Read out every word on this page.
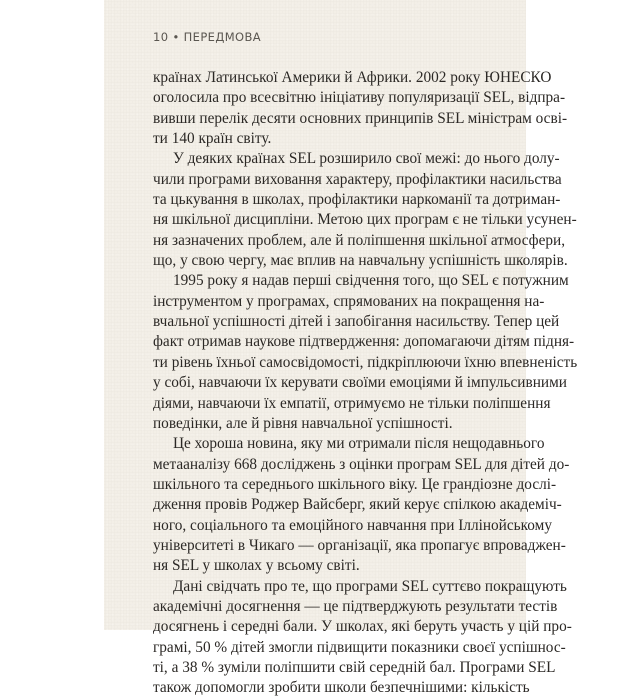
10 • ПЕРЕДМОВА
країнах Латинської Америки й Африки. 2002 року ЮНЕСКО
оголосила про всесвітню ініціативу популяризації SEL, відпра-
вивши перелік десяти основних принципів SEL міністрам осві-
ти 140 країн світу.
У деяких країнах SEL розширило свої межі: до нього долу-
чили програми виховання характеру, профілактики насильства
та цькування в школах, профілактики наркоманії та дотриман-
ня шкільної дисципліни. Метою цих програм є не тільки усунен-
ня зазначених проблем, але й поліпшення шкільної атмосфери,
що, у свою чергу, має вплив на навчальну успішність школярів.
1995 року я надав перші свідчення того, що SEL є потужним
інструментом у програмах, спрямованих на покращення на-
вчальної успішності дітей і запобігання насильству. Тепер цей
факт отримав наукове підтвердження: допомагаючи дітям підня-
ти рівень їхньої самосвідомості, підкріплюючи їхню впевненість
у собі, навчаючи їх керувати своїми емоціями й імпульсивними
діями, навчаючи їх емпатії, отримуємо не тільки поліпшення
поведінки, але й рівня навчальної успішності.
Це хороша новина, яку ми отримали після нещодавнього
метааналізу 668 досліджень з оцінки програм SEL для дітей до-
шкільного та середнього шкільного віку. Це грандіозне дослі-
дження провів Роджер Вайсберг, який керує спілкою академіч-
ного, соціального та емоційного навчання при Іллінойському
університеті в Чикаго — організації, яка пропагує впроваджен-
ня SEL у школах у всьому світі.
Дані свідчать про те, що програми SEL суттєво покращують
академічні досягнення — це підтверджують результати тестів
досягнень і середні бали. У школах, які беруть участь у цій про-
грамі, 50 % дітей змогли підвищити показники своєї успішнос-
ті, а 38 % зуміли поліпшити свій середній бал. Програми SEL
також допомогли зробити школи безпечнішими: кількість
